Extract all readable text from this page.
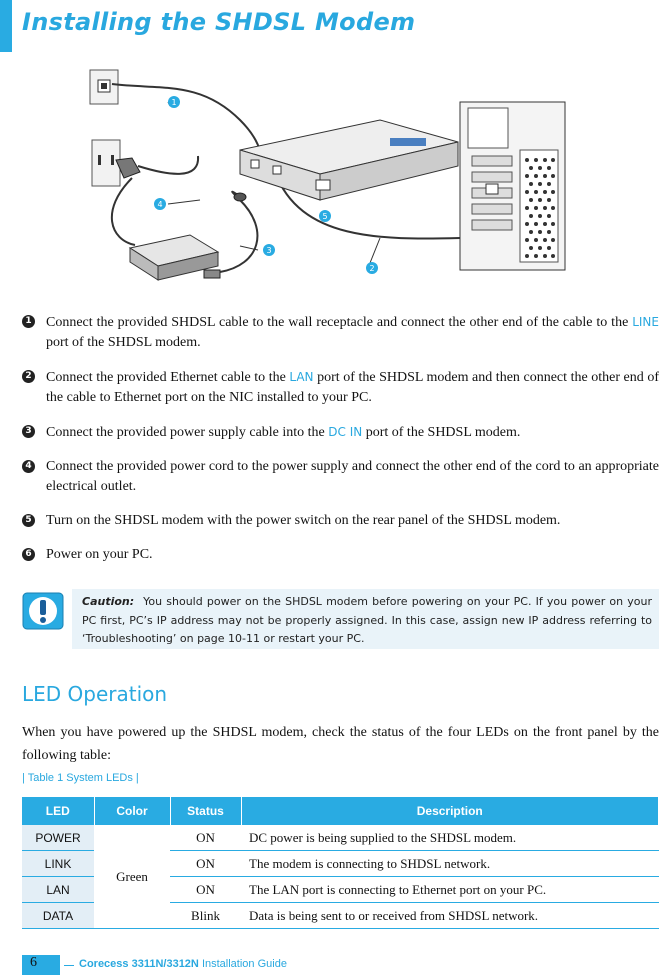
Installing the SHDSL Modem
1
2
3
4
5
1 Connect the provided SHDSL cable to the wall receptacle and connect the other end of the cable to the LINE port of the SHDSL modem.
2 Connect the provided Ethernet cable to the LAN port of the SHDSL modem and then connect the other end of the cable to Ethernet port on the NIC installed to your PC.
3 Connect the provided power supply cable into the DC IN port of the SHDSL modem.
4 Connect the provided power cord to the power supply and connect the other end of the cord to an appropriate electrical outlet.
5 Turn on the SHDSL modem with the power switch on the rear panel of the SHDSL modem.
6 Power on your PC.
Caution: You should power on the SHDSL modem before powering on your PC. If you power on your PC first, PC’s IP address may not be properly assigned. In this case, assign new IP address referring to ‘Troubleshooting’ on page 10-11 or restart your PC.
LED Operation
When you have powered up the SHDSL modem, check the status of the four LEDs on the front panel by the following table:
| Table 1 System LEDs |
LED	Color	Status	Description
POWER	Green	ON	DC power is being supplied to the SHDSL modem.
LINK		ON	The modem is connecting to SHDSL network.
LAN		ON	The LAN port is connecting to Ethernet port on your PC.
DATA		Blink	Data is being sent to or received from SHDSL network.
6	Corecess 3311N/3312N Installation Guide
